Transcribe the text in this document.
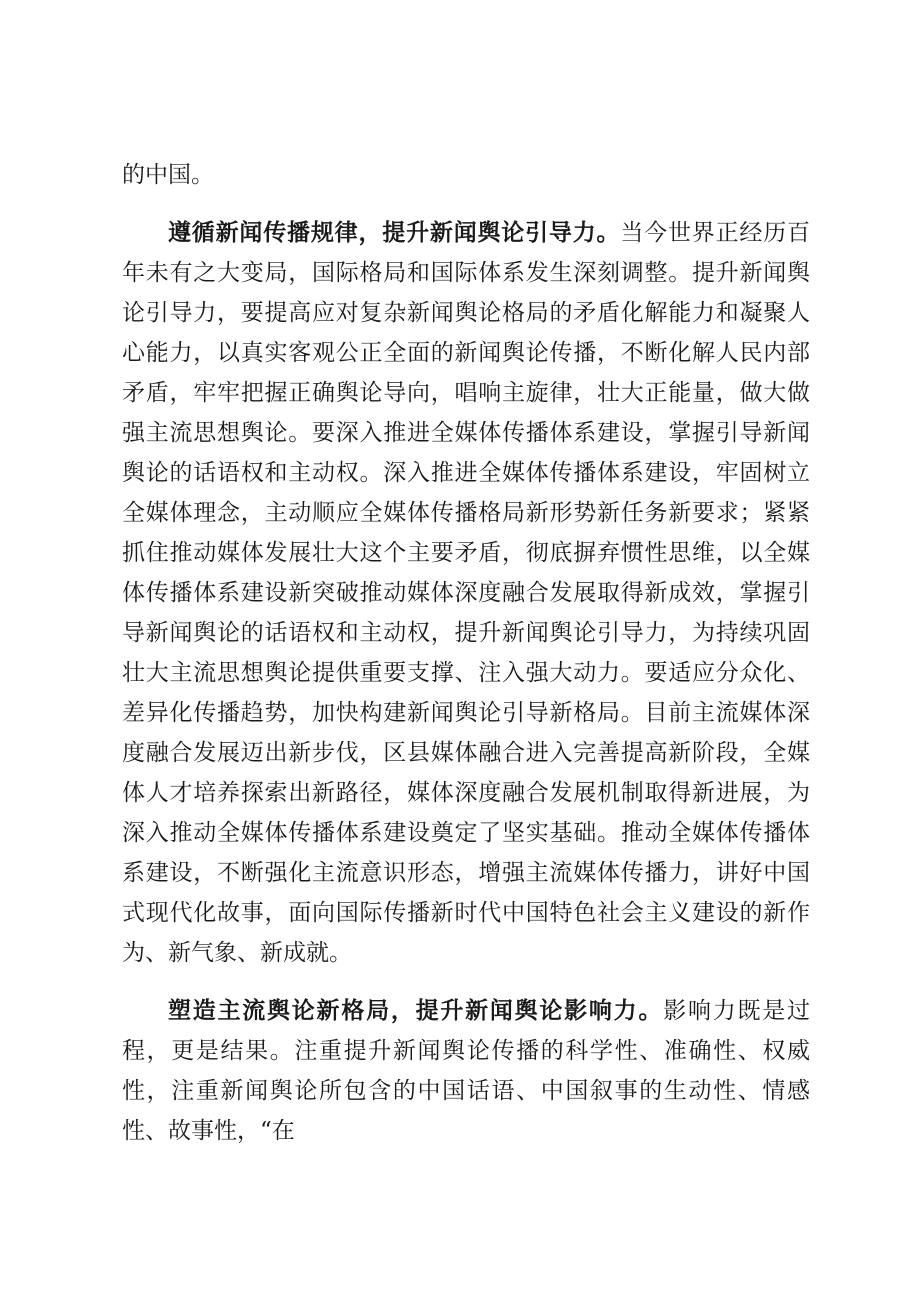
的中国。

遵循新闻传播规律，提升新闻舆论引导力。当今世界正经历百年未有之大变局，国际格局和国际体系发生深刻调整。提升新闻舆论引导力，要提高应对复杂新闻舆论格局的矛盾化解能力和凝聚人心能力，以真实客观公正全面的新闻舆论传播，不断化解人民内部矛盾，牢牢把握正确舆论导向，唱响主旋律，壮大正能量，做大做强主流思想舆论。要深入推进全媒体传播体系建设，掌握引导新闻舆论的话语权和主动权。深入推进全媒体传播体系建设，牢固树立全媒体理念，主动顺应全媒体传播格局新形势新任务新要求；紧紧抓住推动媒体发展壮大这个主要矛盾，彻底摒弃惯性思维，以全媒体传播体系建设新突破推动媒体深度融合发展取得新成效，掌握引导新闻舆论的话语权和主动权，提升新闻舆论引导力，为持续巩固壮大主流思想舆论提供重要支撑、注入强大动力。要适应分众化、差异化传播趋势，加快构建新闻舆论引导新格局。目前主流媒体深度融合发展迈出新步伐，区县媒体融合进入完善提高新阶段，全媒体人才培养探索出新路径，媒体深度融合发展机制取得新进展，为深入推动全媒体传播体系建设奠定了坚实基础。推动全媒体传播体系建设，不断强化主流意识形态，增强主流媒体传播力，讲好中国式现代化故事，面向国际传播新时代中国特色社会主义建设的新作为、新气象、新成就。

塑造主流舆论新格局，提升新闻舆论影响力。影响力既是过程，更是结果。注重提升新闻舆论传播的科学性、准确性、权威性，注重新闻舆论所包含的中国话语、中国叙事的生动性、情感性、故事性，“在
